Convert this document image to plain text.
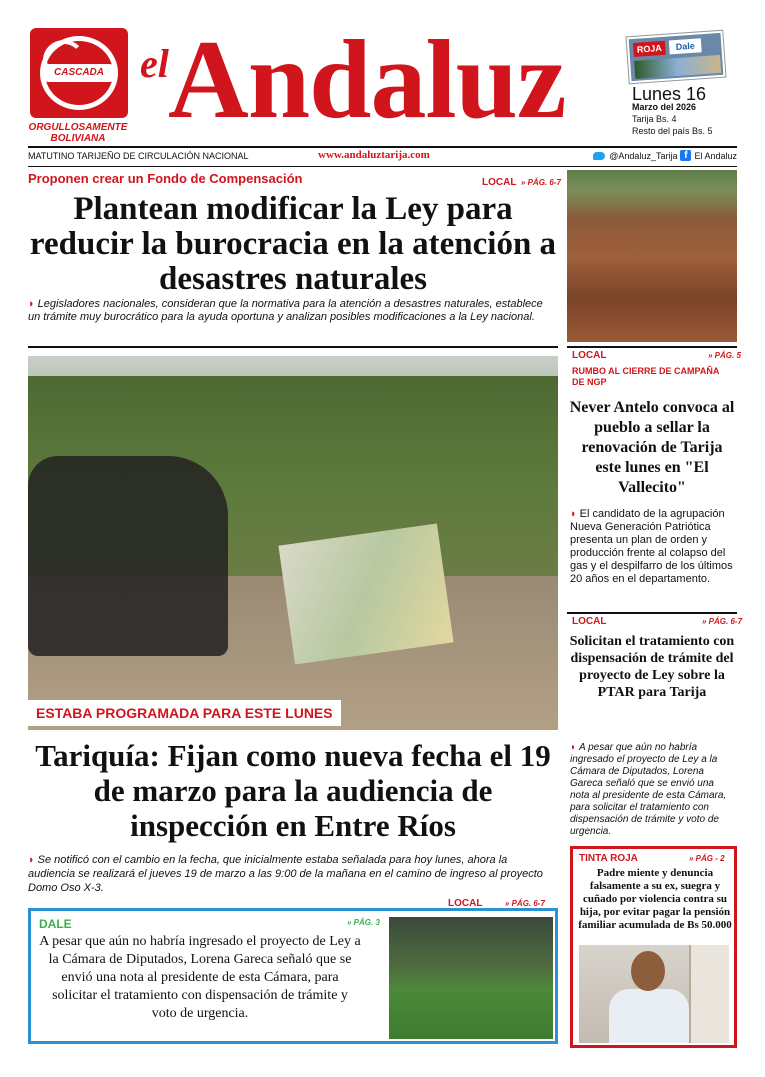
CASCADA
ORGULLOSAMENTE BOLIVIANA
el Andaluz	ROJA	Dale
Lunes 16
Marzo del 2026
Tarija Bs. 4
Resto del país Bs. 5
MATUTINO TARIJEÑO DE CIRCULACIÓN NACIONAL	www.andaluztarija.com	@Andaluz_Tarija f El Andaluz
Proponen crear un Fondo de Compensación	LOCAL » PÁG. 6-7
Plantean modificar la Ley para reducir la burocracia en la atención a desastres naturales
◗ Legisladores nacionales, consideran que la normativa para la atención a desastres naturales, establece un trámite muy burocrático para la ayuda oportuna y analizan posibles modificaciones a la Ley nacional.
ESTABA PROGRAMADA PARA ESTE LUNES
Tariquía: Fijan como nueva fecha el 19 de marzo para la audiencia de inspección en Entre Ríos
◗ Se notificó con el cambio en la fecha, que inicialmente estaba señalada para hoy lunes, ahora la audiencia se realizará el jueves 19 de marzo a las 9:00 de la mañana en el camino de ingreso al proyecto Domo Oso X-3.
LOCAL	» PÁG. 6-7
DALE	» PÁG. 3
A pesar que aún no habría ingresado el proyecto de Ley a la Cámara de Diputados, Lorena Gareca señaló que se envió una nota al presidente de esta Cámara, para solicitar el tratamiento con dispensación de trámite y voto de urgencia.
LOCAL	» PÁG. 5
RUMBO AL CIERRE DE CAMPAÑA DE NGP
Never Antelo convoca al pueblo a sellar la renovación de Tarija este lunes en "El Vallecito"
◗ El candidato de la agrupación Nueva Generación Patriótica presenta un plan de orden y producción frente al colapso del gas y el despilfarro de los últimos 20 años en el departamento.
LOCAL	» PÁG. 6-7
Solicitan el tratamiento con dispensación de trámite del proyecto de Ley sobre la PTAR para Tarija
◗ A pesar que aún no habría ingresado el proyecto de Ley a la Cámara de Diputados, Lorena Gareca señaló que se envió una nota al presidente de esta Cámara, para solicitar el tratamiento con dispensación de trámite y voto de urgencia.
TINTA ROJA	» PÁG - 2
Padre miente y denuncia falsamente a su ex, suegra y cuñado por violencia contra su hija, por evitar pagar la pensión familiar acumulada de Bs 50.000
